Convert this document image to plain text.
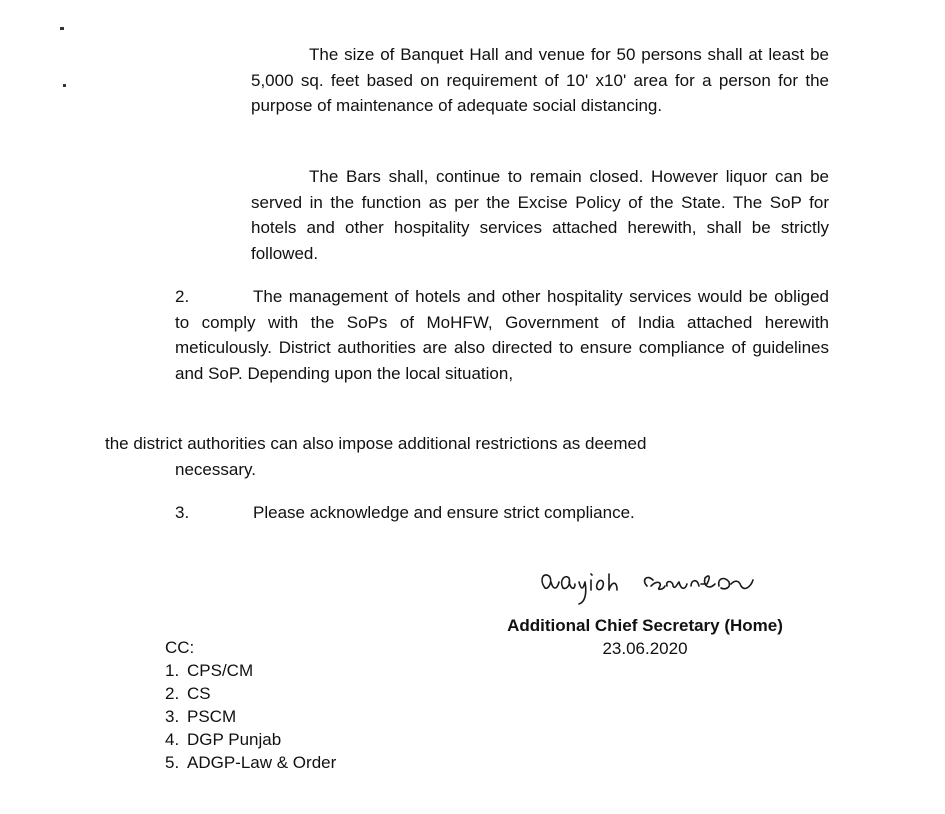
The size of Banquet Hall and venue for 50 persons shall at least be 5,000 sq. feet based on requirement of 10' x10' area for a person for the purpose of maintenance of adequate social distancing.
The Bars shall, continue to remain closed. However liquor can be served in the function as per the Excise Policy of the State. The SoP for hotels and other hospitality services attached herewith, shall be strictly followed.
2.	The management of hotels and other hospitality services would be obliged to comply with the SoPs of MoHFW, Government of India attached herewith meticulously. District authorities are also directed to ensure compliance of guidelines and SoP. Depending upon the local situation,
the district authorities can also impose additional restrictions as deemed
necessary.
3.	Please acknowledge and ensure strict compliance.
Additional Chief Secretary (Home)
23.06.2020
CC:
1. CPS/CM
2. CS
3. PSCM
4. DGP Punjab
5. ADGP-Law & Order
